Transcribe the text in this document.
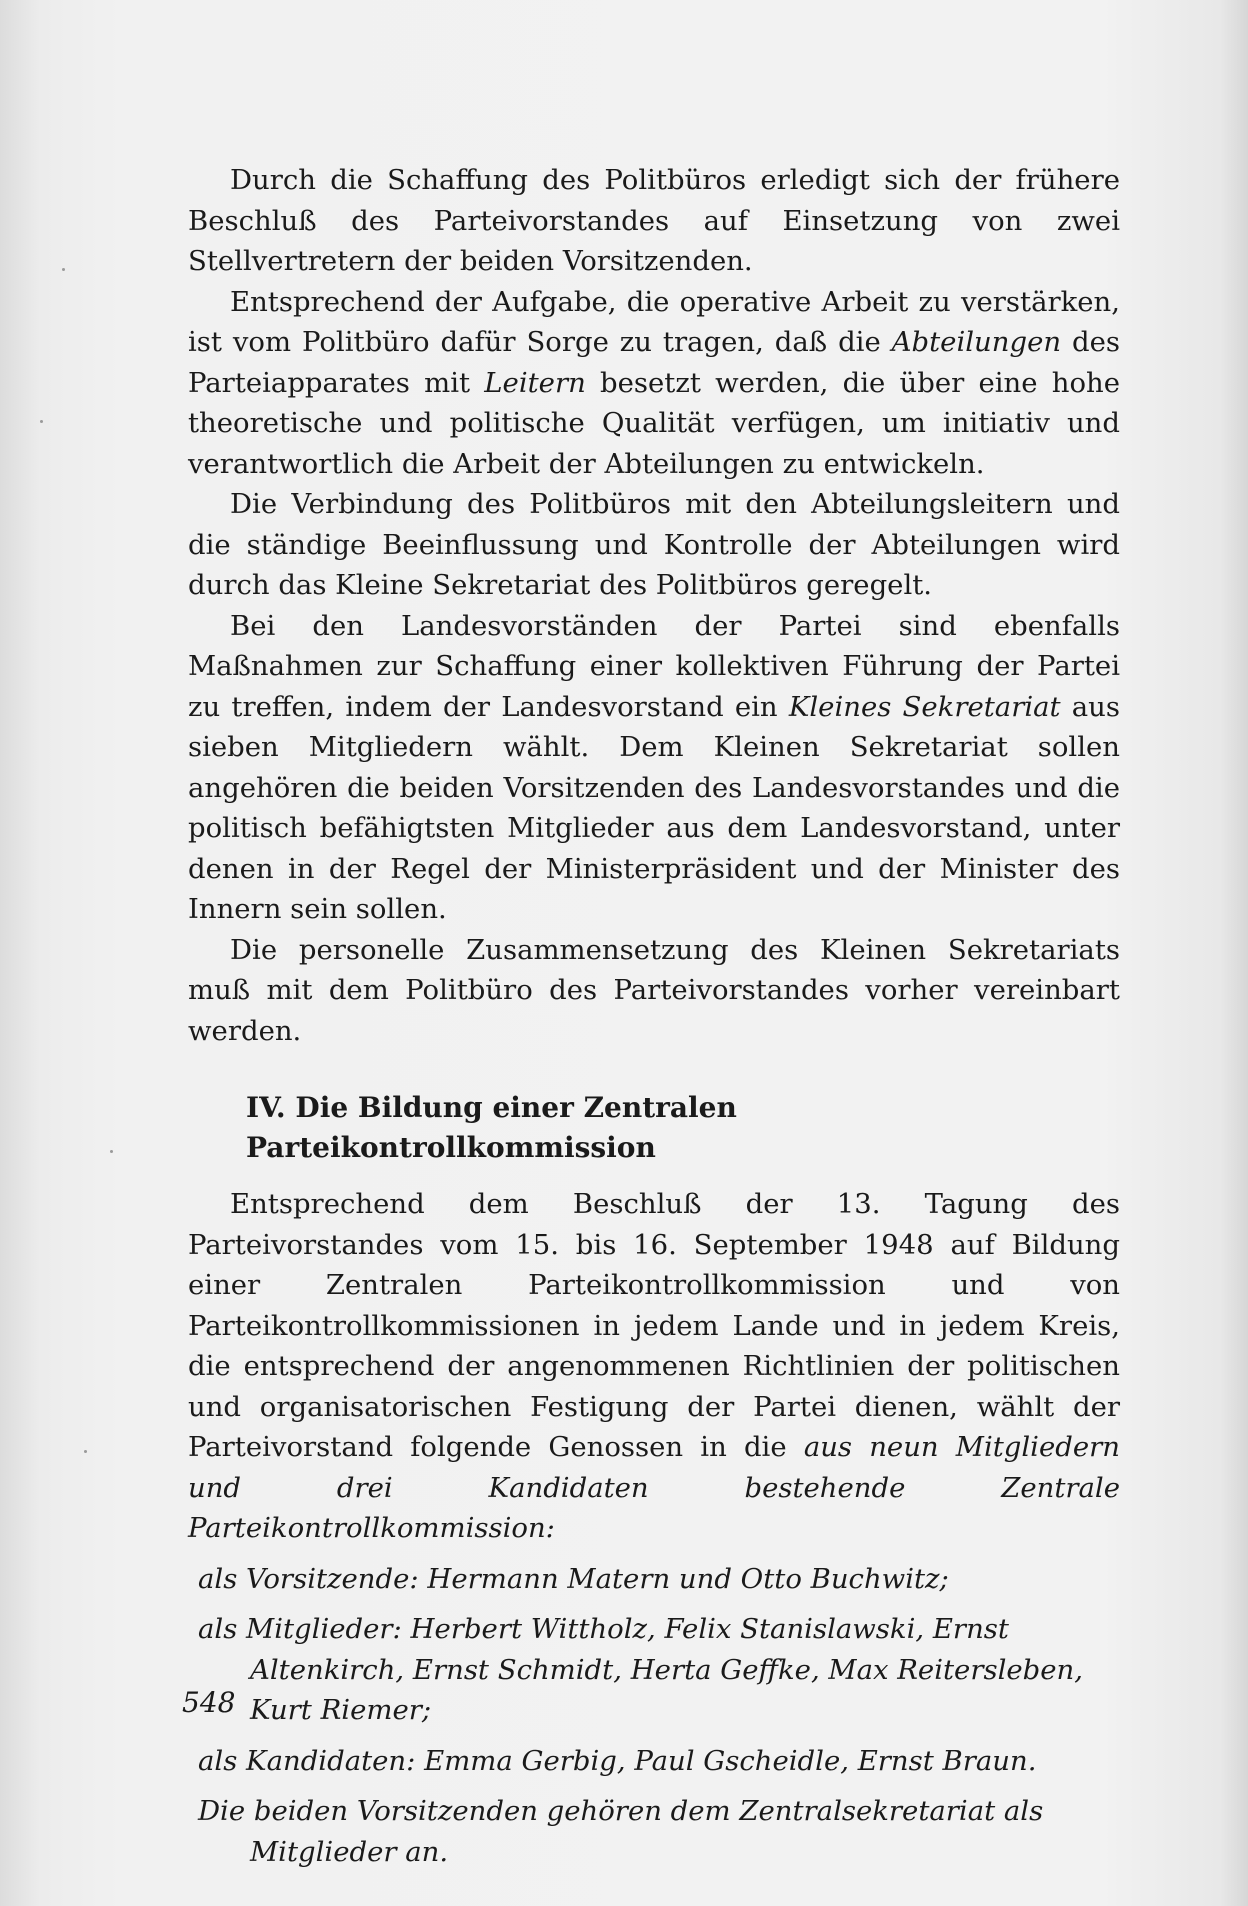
Durch die Schaffung des Politbüros erledigt sich der frühere Beschluß des Parteivorstandes auf Einsetzung von zwei Stellvertretern der beiden Vorsitzenden.

Entsprechend der Aufgabe, die operative Arbeit zu verstärken, ist vom Politbüro dafür Sorge zu tragen, daß die Abteilungen des Parteiapparates mit Leitern besetzt werden, die über eine hohe theoretische und politische Qualität verfügen, um initiativ und verantwortlich die Arbeit der Abteilungen zu entwickeln.

Die Verbindung des Politbüros mit den Abteilungsleitern und die ständige Beeinflussung und Kontrolle der Abteilungen wird durch das Kleine Sekretariat des Politbüros geregelt.

Bei den Landesvorständen der Partei sind ebenfalls Maßnahmen zur Schaffung einer kollektiven Führung der Partei zu treffen, indem der Landesvorstand ein Kleines Sekretariat aus sieben Mitgliedern wählt. Dem Kleinen Sekretariat sollen angehören die beiden Vorsitzenden des Landesvorstandes und die politisch befähigtsten Mitglieder aus dem Landesvorstand, unter denen in der Regel der Ministerpräsident und der Minister des Innern sein sollen.

Die personelle Zusammensetzung des Kleinen Sekretariats muß mit dem Politbüro des Parteivorstandes vorher vereinbart werden.

IV. Die Bildung einer Zentralen Parteikontrollkommission

Entsprechend dem Beschluß der 13. Tagung des Parteivorstandes vom 15. bis 16. September 1948 auf Bildung einer Zentralen Parteikontrollkommission und von Parteikontrollkommissionen in jedem Lande und in jedem Kreis, die entsprechend der angenommenen Richtlinien der politischen und organisatorischen Festigung der Partei dienen, wählt der Parteivorstand folgende Genossen in die aus neun Mitgliedern und drei Kandidaten bestehende Zentrale Parteikontrollkommission:

als Vorsitzende: Hermann Matern und Otto Buchwitz;
als Mitglieder: Herbert Wittholz, Felix Stanislawski, Ernst Altenkirch, Ernst Schmidt, Herta Geffke, Max Reitersleben, Kurt Riemer;
als Kandidaten: Emma Gerbig, Paul Gscheidle, Ernst Braun.
Die beiden Vorsitzenden gehören dem Zentralsekretariat als Mitglieder an.
548
